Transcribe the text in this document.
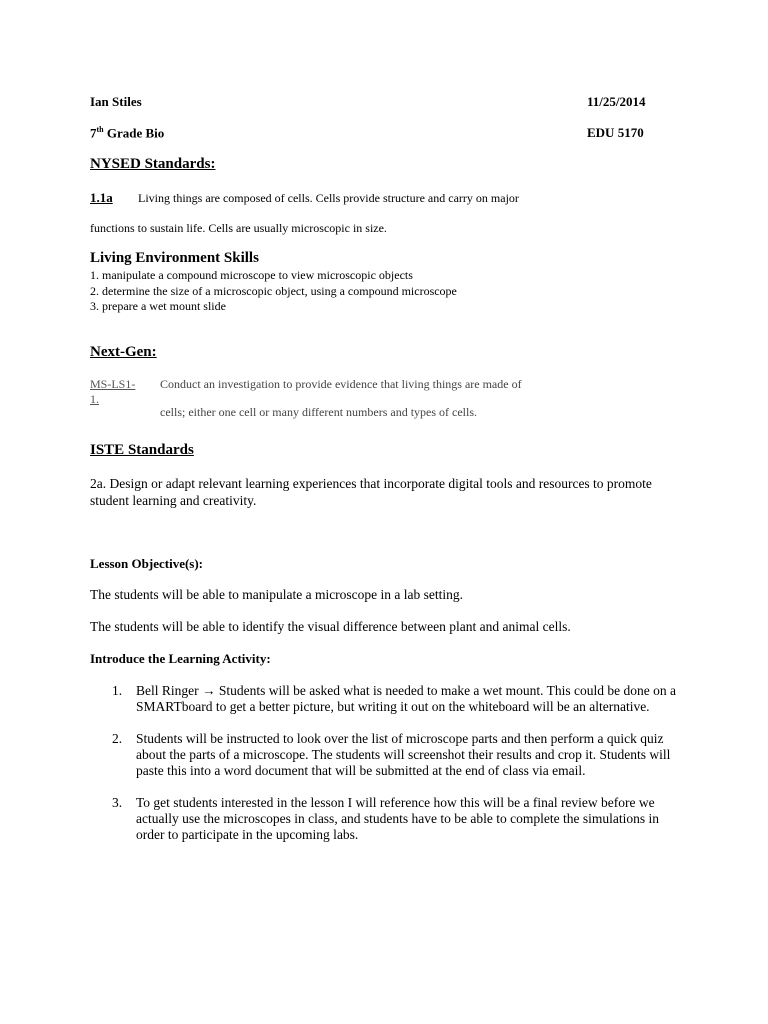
Ian Stiles	11/25/2014
7th Grade Bio	EDU 5170
NYSED Standards:
1.1a Living things are composed of cells. Cells provide structure and carry on major
functions to sustain life. Cells are usually microscopic in size.
Living Environment Skills
1. manipulate a compound microscope to view microscopic objects
2. determine the size of a microscopic object, using a compound microscope
3. prepare a wet mount slide
Next-Gen:
MS-LS1-
1.
Conduct an investigation to provide evidence that living things are made of
cells; either one cell or many different numbers and types of cells.
ISTE Standards
2a. Design or adapt relevant learning experiences that incorporate digital tools and resources to promote student learning and creativity.
Lesson Objective(s):
The students will be able to manipulate a microscope in a lab setting.
The students will be able to identify the visual difference between plant and animal cells.
Introduce the Learning Activity:
1. Bell Ringer → Students will be asked what is needed to make a wet mount. This could be done on a SMARTboard to get a better picture, but writing it out on the whiteboard will be an alternative.
2. Students will be instructed to look over the list of microscope parts and then perform a quick quiz about the parts of a microscope. The students will screenshot their results and crop it. Students will paste this into a word document that will be submitted at the end of class via email.
3. To get students interested in the lesson I will reference how this will be a final review before we actually use the microscopes in class, and students have to be able to complete the simulations in order to participate in the upcoming labs.
